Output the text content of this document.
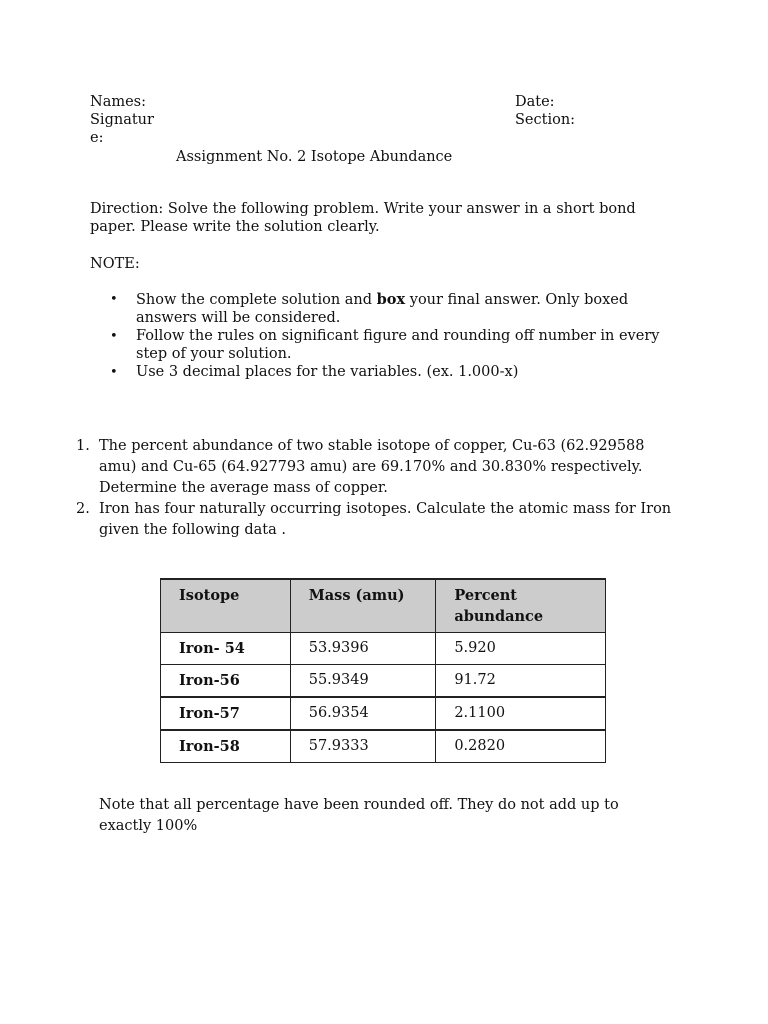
Names:
Signature:
Date:
Section:
Assignment No. 2 Isotope Abundance
Direction: Solve the following problem. Write your answer in a short bond paper. Please write the solution clearly.
NOTE:
• Show the complete solution and box your final answer. Only boxed answers will be considered.
• Follow the rules on significant figure and rounding off number in every step of your solution.
• Use 3 decimal places for the variables. (ex. 1.000-x)
1. The percent abundance of two stable isotope of copper, Cu-63 (62.929588 amu) and Cu-65 (64.927793 amu) are 69.170% and 30.830% respectively. Determine the average mass of copper.
2. Iron has four naturally occurring isotopes. Calculate the atomic mass for Iron given the following data .
Isotope	Mass (amu)	Percent abundance
Iron- 54	53.9396	5.920
Iron-56	55.9349	91.72
Iron-57	56.9354	2.1100
Iron-58	57.9333	0.2820
Note that all percentage have been rounded off. They do not add up to exactly 100%
